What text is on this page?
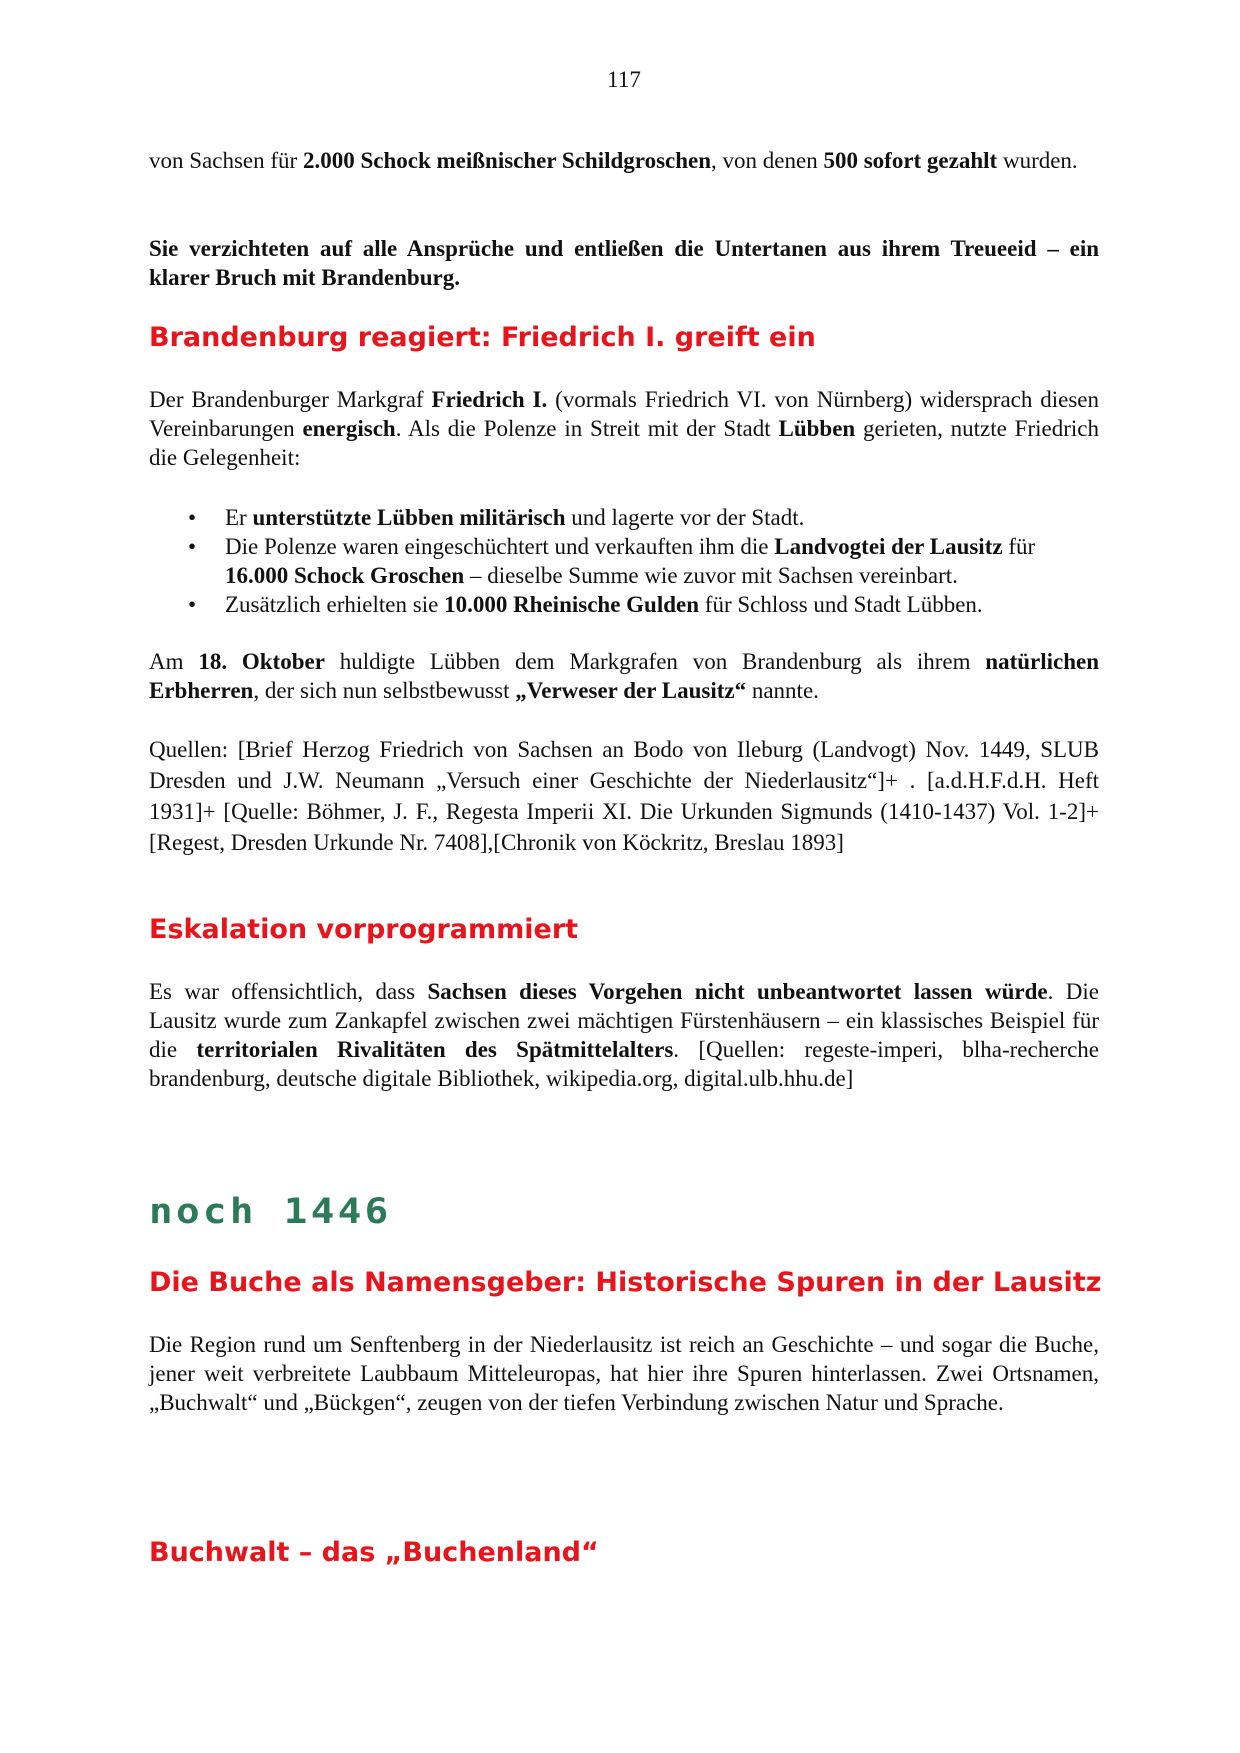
117

von Sachsen für 2.000 Schock meißnischer Schildgroschen, von denen 500 sofort gezahlt wurden.

Sie verzichteten auf alle Ansprüche und entließen die Untertanen aus ihrem Treueeid – ein klarer Bruch mit Brandenburg.

Brandenburg reagiert: Friedrich I. greift ein

Der Brandenburger Markgraf Friedrich I. (vormals Friedrich VI. von Nürnberg) widersprach diesen Vereinbarungen energisch. Als die Polenze in Streit mit der Stadt Lübben gerieten, nutzte Friedrich die Gelegenheit:

• Er unterstützte Lübben militärisch und lagerte vor der Stadt.
• Die Polenze waren eingeschüchtert und verkauften ihm die Landvogtei der Lausitz für 16.000 Schock Groschen – dieselbe Summe wie zuvor mit Sachsen vereinbart.
• Zusätzlich erhielten sie 10.000 Rheinische Gulden für Schloss und Stadt Lübben.

Am 18. Oktober huldigte Lübben dem Markgrafen von Brandenburg als ihrem natürlichen Erbherren, der sich nun selbstbewusst „Verweser der Lausitz“ nannte.

Quellen: [Brief Herzog Friedrich von Sachsen an Bodo von Ileburg (Landvogt) Nov. 1449, SLUB Dresden und J.W. Neumann „Versuch einer Geschichte der Niederlausitz“]+ . [a.d.H.F.d.H. Heft 1931]+ [Quelle: Böhmer, J. F., Regesta Imperii XI. Die Urkunden Sigmunds (1410-1437) Vol. 1-2]+ [Regest, Dresden Urkunde Nr. 7408],[Chronik von Köckritz, Breslau 1893]

Eskalation vorprogrammiert

Es war offensichtlich, dass Sachsen dieses Vorgehen nicht unbeantwortet lassen würde. Die Lausitz wurde zum Zankapfel zwischen zwei mächtigen Fürstenhäusern – ein klassisches Beispiel für die territorialen Rivalitäten des Spätmittelalters. [Quellen: regeste-imperi, blha-recherche brandenburg, deutsche digitale Bibliothek, wikipedia.org, digital.ulb.hhu.de]

noch 1446
Die Buche als Namensgeber: Historische Spuren in der Lausitz

Die Region rund um Senftenberg in der Niederlausitz ist reich an Geschichte – und sogar die Buche, jener weit verbreitete Laubbaum Mitteleuropas, hat hier ihre Spuren hinterlassen. Zwei Ortsnamen, „Buchwalt“ und „Bückgen“, zeugen von der tiefen Verbindung zwischen Natur und Sprache.

Buchwalt – das „Buchenland“
